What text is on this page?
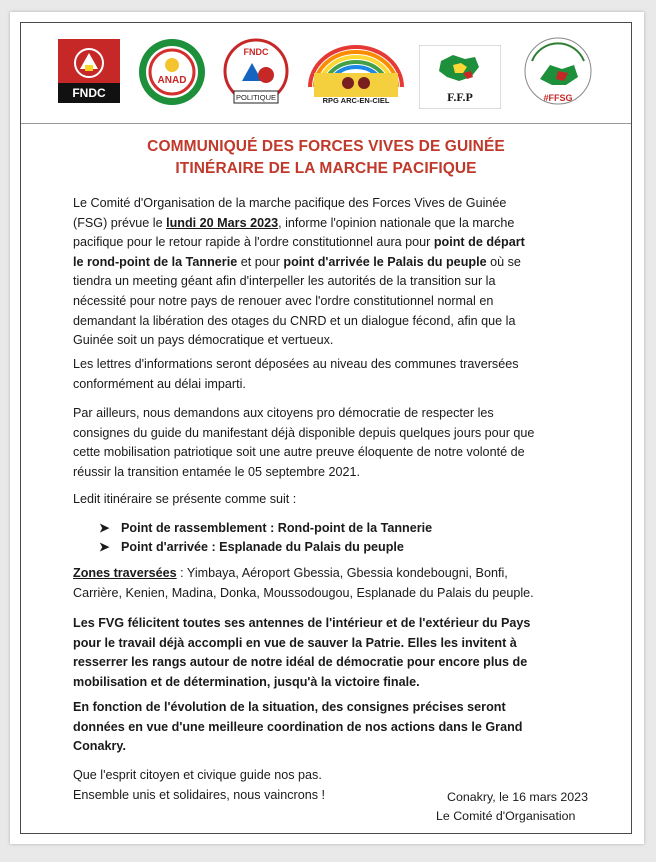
FNDC
ANAD
FNDC
POLITIQUE	RPG ARC-EN-CIEL	F.F.P	#FFSG
COMMUNIQUÉ DES FORCES VIVES DE GUINÉE
ITINÉRAIRE DE LA MARCHE PACIFIQUE
Le Comité d'Organisation de la marche pacifique des Forces Vives de Guinée
(FSG) prévue le lundi 20 Mars 2023, informe l'opinion nationale que la marche
pacifique pour le retour rapide à l'ordre constitutionnel aura pour point de départ
le rond-point de la Tannerie et pour point d'arrivée le Palais du peuple où se
tiendra un meeting géant afin d'interpeller les autorités de la transition sur la
nécessité pour notre pays de renouer avec l'ordre constitutionnel normal en
demandant la libération des otages du CNRD et un dialogue fécond, afin que la
Guinée soit un pays démocratique et vertueux.
Les lettres d'informations seront déposées au niveau des communes traversées
conformément au délai imparti.
Par ailleurs, nous demandons aux citoyens pro démocratie de respecter les
consignes du guide du manifestant déjà disponible depuis quelques jours pour que
cette mobilisation patriotique soit une autre preuve éloquente de notre volonté de
réussir la transition entamée le 05 septembre 2021.
Ledit itinéraire se présente comme suit :
➤ Point de rassemblement : Rond-point de la Tannerie
➤ Point d'arrivée : Esplanade du Palais du peuple
Zones traversées : Yimbaya, Aéroport Gbessia, Gbessia kondebougni, Bonfi,
Carrière, Kenien, Madina, Donka, Moussodougou, Esplanade du Palais du peuple.
Les FVG félicitent toutes ses antennes de l'intérieur et de l'extérieur du Pays
pour le travail déjà accompli en vue de sauver la Patrie. Elles les invitent à
resserrer les rangs autour de notre idéal de démocratie pour encore plus de
mobilisation et de détermination, jusqu'à la victoire finale.
En fonction de l'évolution de la situation, des consignes précises seront
données en vue d'une meilleure coordination de nos actions dans le Grand
Conakry.
Que l'esprit citoyen et civique guide nos pas.
Ensemble unis et solidaires, nous vaincrons !	Conakry, le 16 mars 2023
Le Comité d'Organisation
